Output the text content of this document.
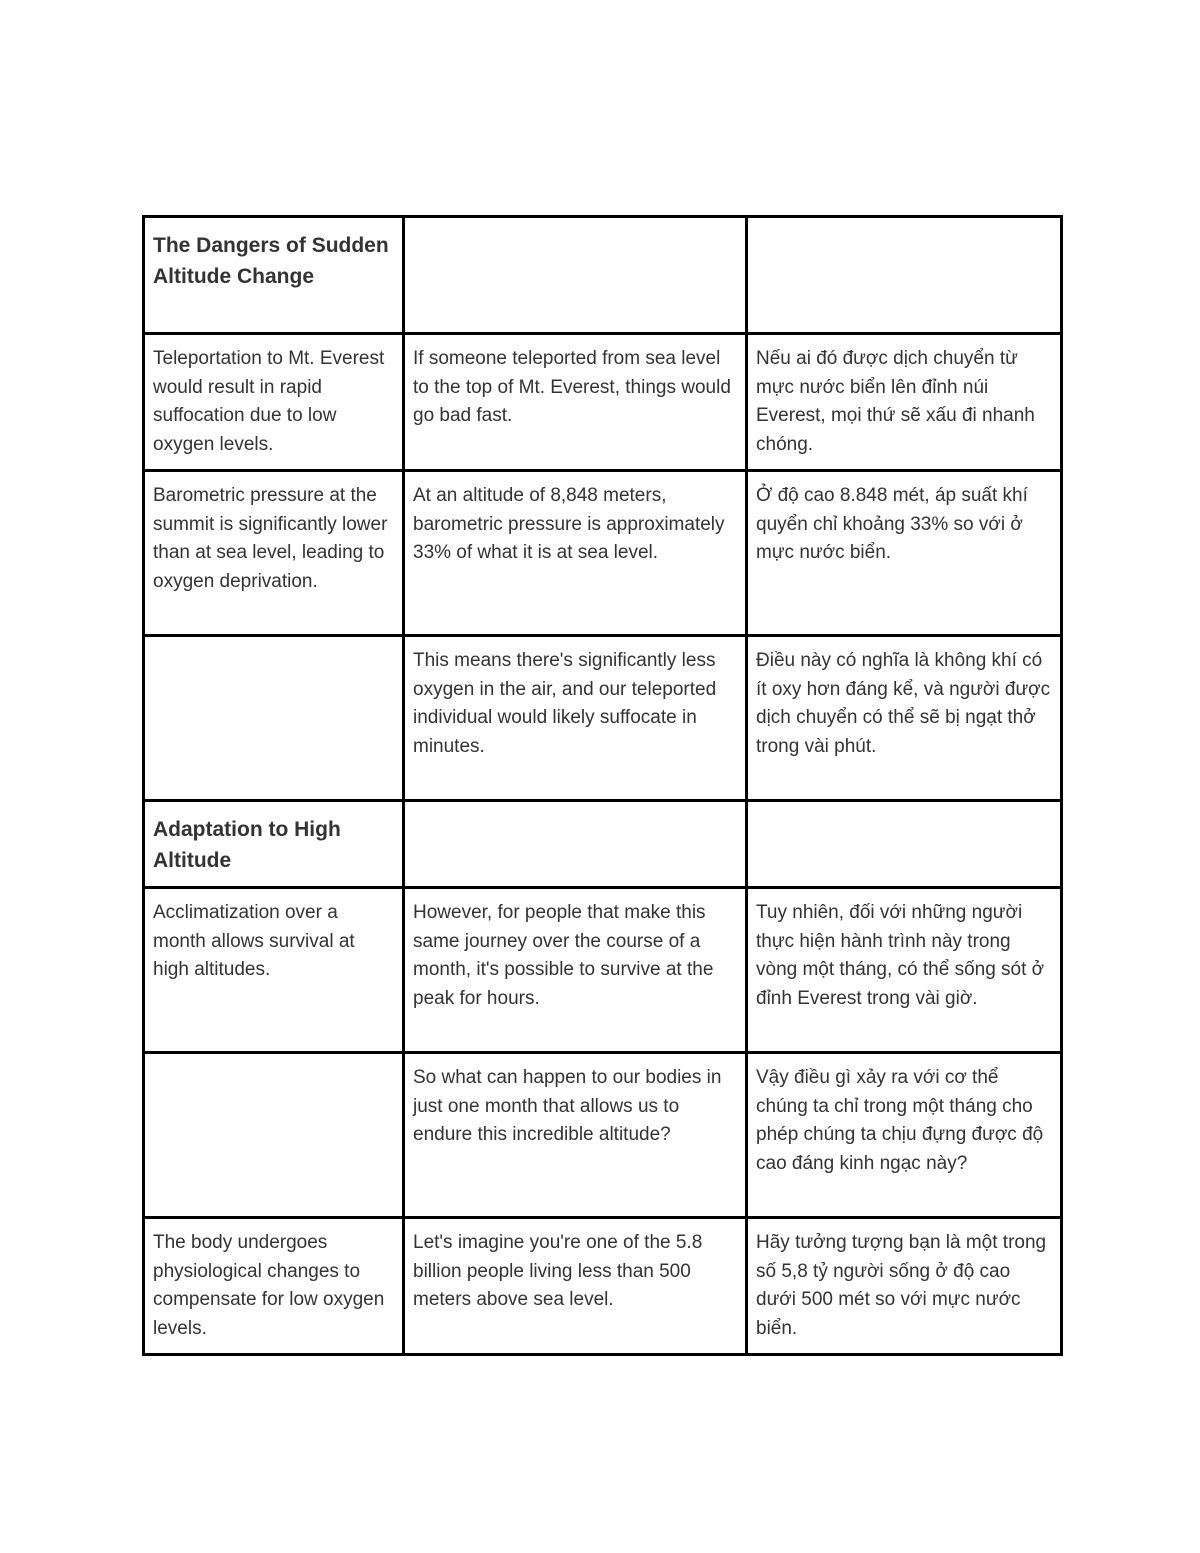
The Dangers of Sudden Altitude Change		
Teleportation to Mt. Everest would result in rapid suffocation due to low oxygen levels.	If someone teleported from sea level to the top of Mt. Everest, things would go bad fast.	Nếu ai đó được dịch chuyển từ mực nước biển lên đỉnh núi Everest, mọi thứ sẽ xấu đi nhanh chóng.
Barometric pressure at the summit is significantly lower than at sea level, leading to oxygen deprivation.	At an altitude of 8,848 meters, barometric pressure is approximately 33% of what it is at sea level.	Ở độ cao 8.848 mét, áp suất khí quyển chỉ khoảng 33% so với ở mực nước biển.
	This means there's significantly less oxygen in the air, and our teleported individual would likely suffocate in minutes.	Điều này có nghĩa là không khí có ít oxy hơn đáng kể, và người được dịch chuyển có thể sẽ bị ngạt thở trong vài phút.
Adaptation to High Altitude		
Acclimatization over a month allows survival at high altitudes.	However, for people that make this same journey over the course of a month, it's possible to survive at the peak for hours.	Tuy nhiên, đối với những người thực hiện hành trình này trong vòng một tháng, có thể sống sót ở đỉnh Everest trong vài giờ.
	So what can happen to our bodies in just one month that allows us to endure this incredible altitude?	Vậy điều gì xảy ra với cơ thể chúng ta chỉ trong một tháng cho phép chúng ta chịu đựng được độ cao đáng kinh ngạc này?
The body undergoes physiological changes to compensate for low oxygen levels.	Let's imagine you're one of the 5.8 billion people living less than 500 meters above sea level.	Hãy tưởng tượng bạn là một trong số 5,8 tỷ người sống ở độ cao dưới 500 mét so với mực nước biển.
